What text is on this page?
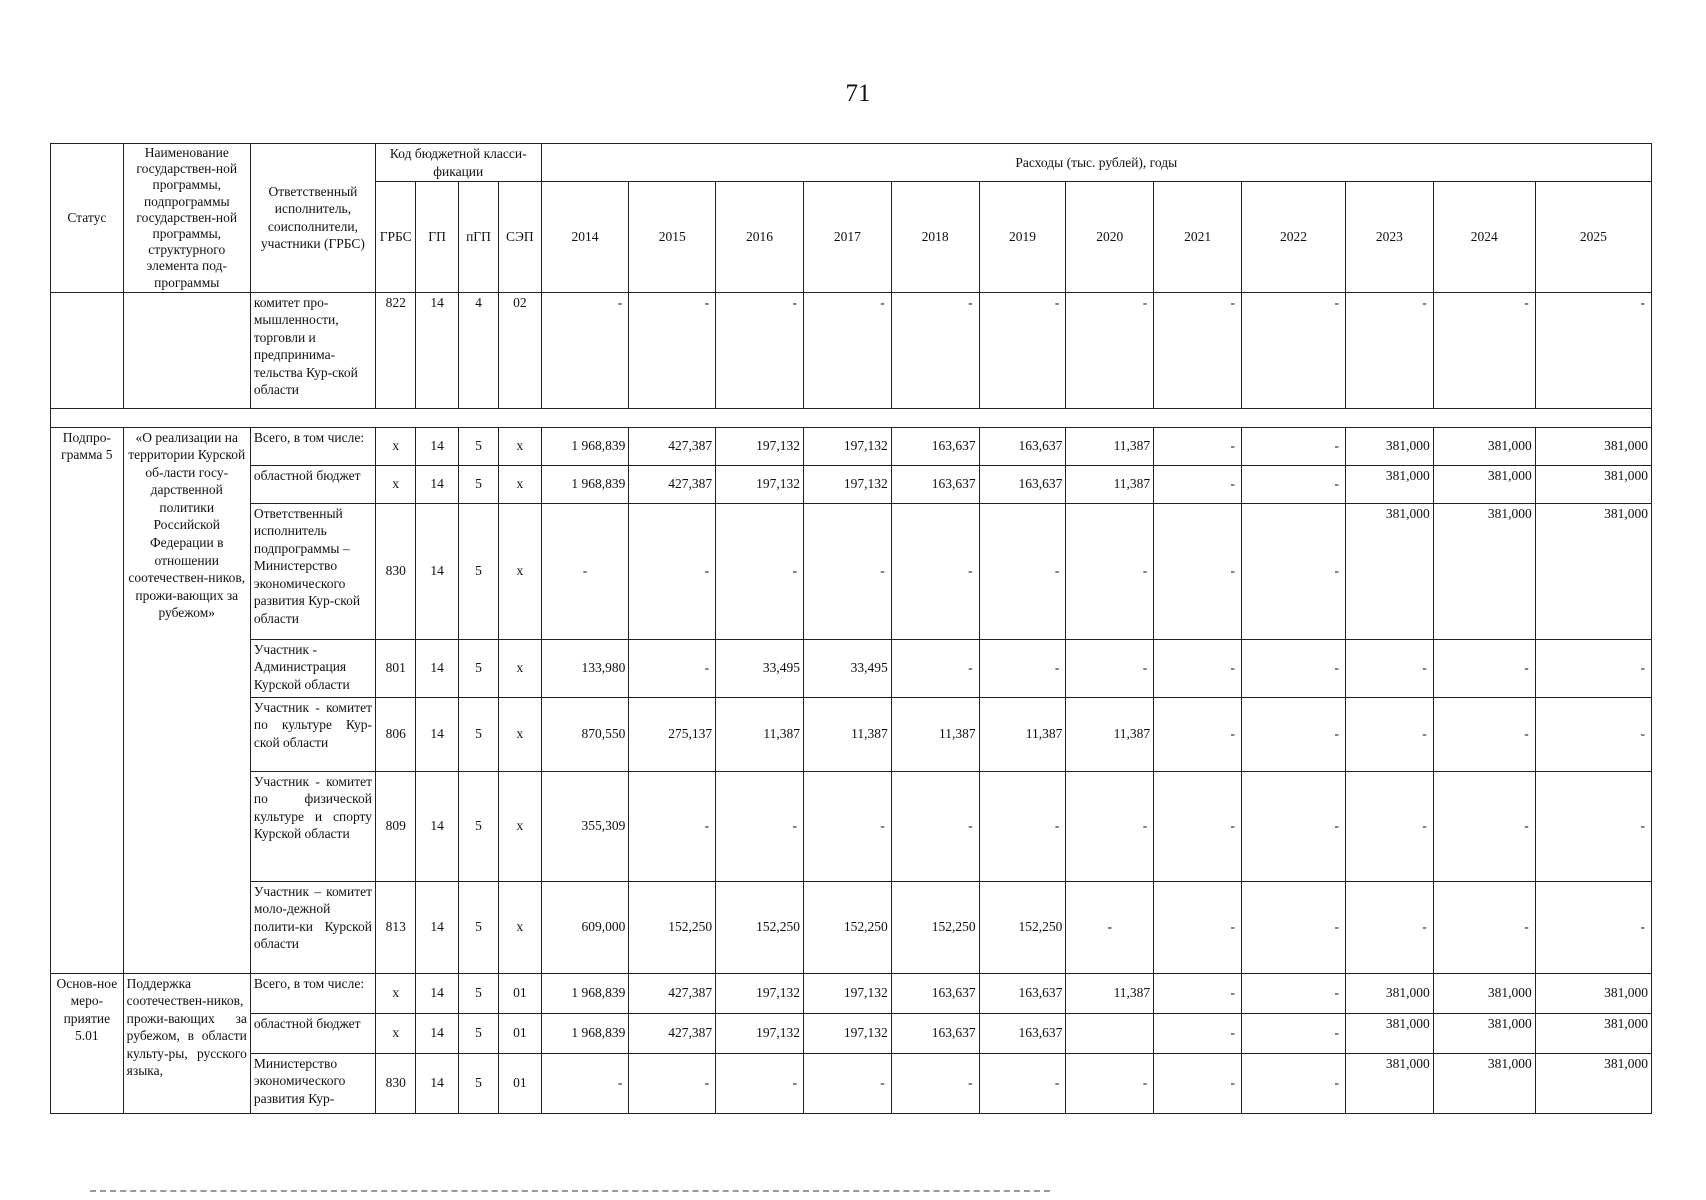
71
Статус	Наименование государствен-ной программы, подпрограммы государствен-ной программы, структурного элемента под-программы	Ответственный исполнитель, соисполнители, участники (ГРБС)	Код бюджетной класси-фикации				Расходы (тыс. рублей), годы											
			ГРБС	ГП	пГП	СЭП	2014	2015	2016	2017	2018	2019	2020	2021	2022	2023	2024	2025
		комитет про-мышленности, торговли и предпринима-тельства Кур-ской области	822	14	4	02	-	-	-	-	-	-	-	-	-	-	-	-

Подпро-грамма 5	«О реализации на территории Курской об-ласти госу-дарственной политики Российской Федерации в отношении соотечествен-ников, прожи-вающих за рубежом»	Всего, в том числе:	х	14	5	х	1 968,839	427,387	197,132	197,132	163,637	163,637	11,387	-	-	381,000	381,000	381,000
		областной бюджет	х	14	5	х	1 968,839	427,387	197,132	197,132	163,637	163,637	11,387	-	-	381,000	381,000	381,000
		Ответственный исполнитель подпрограммы – Министерство экономического развития Кур-ской области	830	14	5	х	-	-	-	-	-	-	-	-	-	381,000	381,000	381,000
		Участник - Администрация Курской области	801	14	5	х	133,980	-	33,495	33,495	-	-	-	-	-	-	-	-
		Участник - комитет по культуре Кур-ской области	806	14	5	х	870,550	275,137	11,387	11,387	11,387	11,387	11,387	-	-	-	-	-
		Участник - комитет по физической культуре и спорту Курской области	809	14	5	х	355,309	-	-	-	-	-	-	-	-	-	-	-
		Участник – комитет моло-дежной полити-ки Курской области	813	14	5	х	609,000	152,250	152,250	152,250	152,250	152,250	-	-	-	-	-	-
Основ-ное меро-приятие 5.01	Поддержка соотечествен-ников, прожи-вающих за рубежом, в области культу-ры, русского языка,	Всего, в том числе:	х	14	5	01	1 968,839	427,387	197,132	197,132	163,637	163,637	11,387	-	-	381,000	381,000	381,000
		областной бюджет	х	14	5	01	1 968,839	427,387	197,132	197,132	163,637	163,637		-	-	381,000	381,000	381,000
		Министерство экономического развития Кур-	830	14	5	01	-	-	-	-	-	-	-	-	-	381,000	381,000	381,000
